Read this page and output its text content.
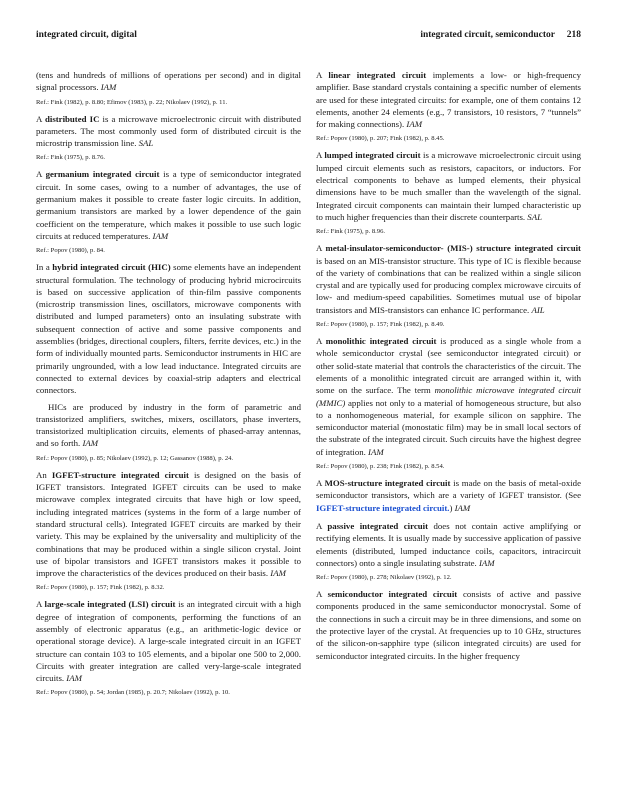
integrated circuit, digital	integrated circuit, semiconductor 218

(tens and hundreds of millions of operations per second) and in digital signal processors. IAM

Ref.: Fink (1982), p. 8.80; Efimov (1983), p. 22; Nikolaev (1992), p. 11.

A distributed IC is a microwave microelectronic circuit with distributed parameters. The most commonly used form of distributed circuit is the microstrip transmission line. SAL

Ref.: Fink (1975), p. 8.76.

A germanium integrated circuit is a type of semiconductor integrated circuit. In some cases, owing to a number of advantages, the use of germanium makes it possible to create faster logic circuits. In addition, germanium transistors are marked by a lower dependence of the gain coefficient on the temperature, which makes it possible to use such logic circuits at reduced temperatures. IAM

Ref.: Popov (1980), p. 84.

In a hybrid integrated circuit (HIC) some elements have an independent structural formulation. The technology of producing hybrid microcircuits is based on successive application of thin-film passive components (microstrip transmission lines, oscillators, microwave components with distributed and lumped parameters) onto an insulating substrate with subsequent connection of active and some passive components and assemblies (bridges, directional couplers, filters, ferrite devices, etc.) in the form of individually mounted parts. Semiconductor instruments in HIC are primarily ungrounded, with a low lead inductance. Integrated circuits are connected to external devices by coaxial-strip adapters and electrical connectors.

HICs are produced by industry in the form of parametric and transistorized amplifiers, switches, mixers, oscillators, phase inverters, transistorized multiplication circuits, elements of phased-array antennas, and so forth. IAM

Ref.: Popov (1980), p. 85; Nikolaev (1992), p. 12; Gassanov (1988), p. 24.

An IGFET-structure integrated circuit is designed on the basis of IGFET transistors. Integrated IGFET circuits can be used to make microwave complex integrated circuits that have high or low speed, including integrated matrices (systems in the form of a large number of standard structural cells). Integrated IGFET circuits are marked by their variety. This may be explained by the universality and multiplicity of the combinations that may be produced within a single silicon crystal. Joint use of bipolar transistors and IGFET transistors makes it possible to improve the characteristics of the devices produced on their basis. IAM

Ref.: Popov (1980), p. 157; Fink (1982), p. 8.32.

A large-scale integrated (LSI) circuit is an integrated circuit with a high degree of integration of components, performing the functions of an assembly of electronic apparatus (e.g., an arithmetic-logic device or operational storage device). A large-scale integrated circuit in an IGFET structure can contain 103 to 105 elements, and a bipolar one 500 to 2,000. Circuits with greater integration are called very-large-scale integrated circuits. IAM

Ref.: Popov (1980), p. 54; Jordan (1985), p. 20.7; Nikolaev (1992), p. 10.

A linear integrated circuit implements a low- or high-frequency amplifier. Base standard crystals containing a specific number of elements are used for these integrated circuits: for example, one of them contains 12 elements, another 24 elements (e.g., 7 transistors, 10 resistors, 7 “tunnels” for making connections). IAM

Ref.: Popov (1980), p. 207; Fink (1982), p. 8.45.

A lumped integrated circuit is a microwave microelectronic circuit using lumped circuit elements such as resistors, capacitors, or inductors. For electrical components to behave as lumped elements, their physical dimensions have to be much smaller than the wavelength of the signal. Integrated circuit components can maintain their lumped characteristic up to much higher frequencies than their discrete counterparts. SAL

Ref.: Fink (1975), p. 8.96.

A metal-insulator-semiconductor- (MIS-) structure integrated circuit is based on an MIS-transistor structure. This type of IC is flexible because of the variety of combinations that can be realized within a single silicon crystal and are typically used for producing complex microwave circuits of low- and medium-speed capabilities. Sometimes mutual use of bipolar transistors and MIS-transistors can enhance IC performance. AIL

Ref.: Popov (1980), p. 157; Fink (1982), p. 8.49.

A monolithic integrated circuit is produced as a single whole from a whole semiconductor crystal (see semiconductor integrated circuit) or other solid-state material that controls the characteristics of the circuit. The elements of a monolithic integrated circuit are arranged within it, with some on the surface. The term monolithic microwave integrated circuit (MMIC) applies not only to a material of homogeneous structure, but also to a nonhomogeneous material, for example silicon on sapphire. The semiconductor material (monostatic film) may be in small local sectors of the substrate of the integrated circuit. Such circuits have the highest degree of integration. IAM

Ref.: Popov (1980), p. 238; Fink (1982), p. 8.54.

A MOS-structure integrated circuit is made on the basis of metal-oxide semiconductor transistors, which are a variety of IGFET transistor. (See IGFET-structure integrated circuit.) IAM

A passive integrated circuit does not contain active amplifying or rectifying elements. It is usually made by successive application of passive elements (distributed, lumped inductance coils, capacitors, intracircuit connectors) onto a single insulating substrate. IAM

Ref.: Popov (1980), p. 278; Nikolaev (1992), p. 12.

A semiconductor integrated circuit consists of active and passive components produced in the same semiconductor monocrystal. Some of the connections in such a circuit may be in three dimensions, and some on the protective layer of the crystal. At frequencies up to 10 GHz, structures of the silicon-on-sapphire type (silicon integrated circuits) are used for semiconductor integrated circuits. In the higher frequency
